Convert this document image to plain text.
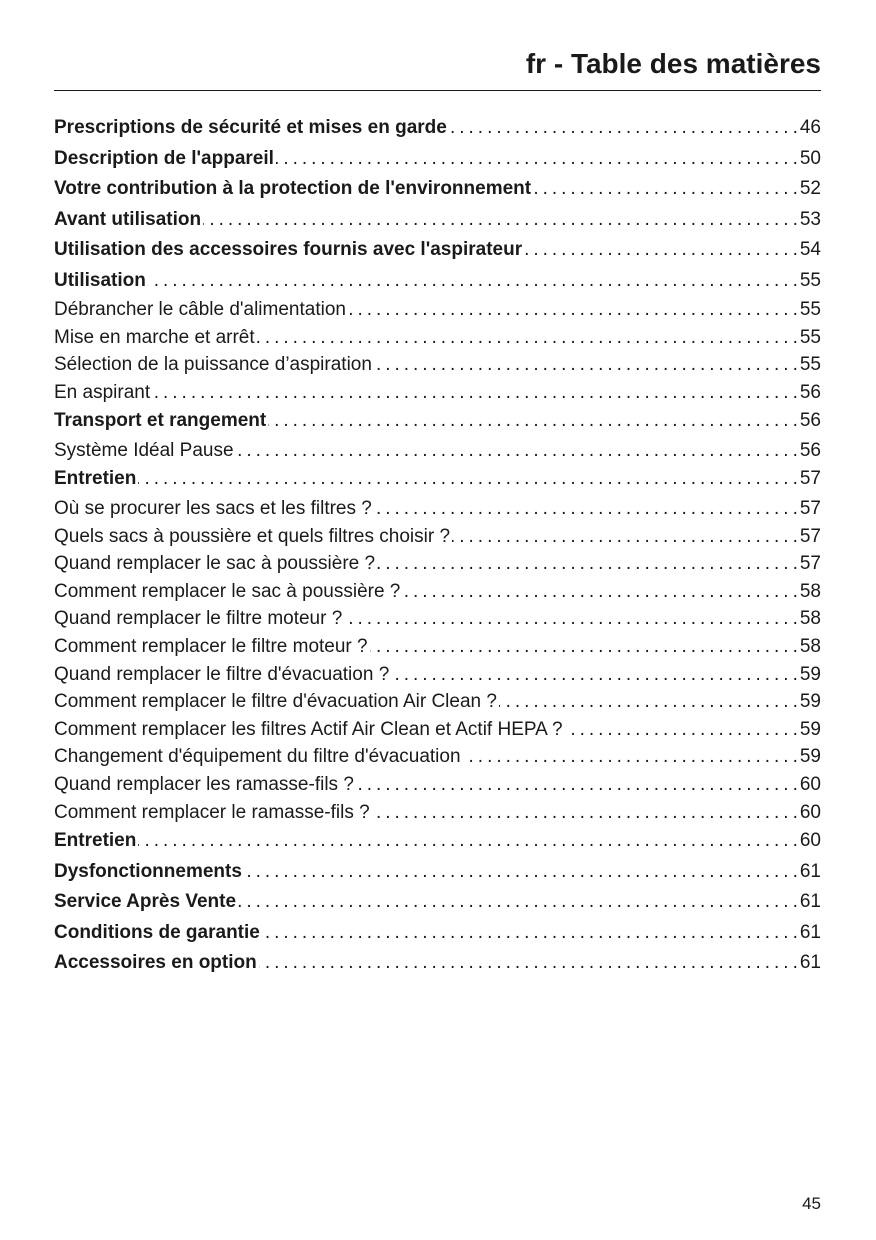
fr - Table des matières
Prescriptions de sécurité et mises en garde . . .	46
Description de l'appareil . . .	50
Votre contribution à la protection de l'environnement . . .	52
Avant utilisation . . .	53
Utilisation des accessoires fournis avec l'aspirateur . . .	54
Utilisation . . .	55
Débrancher le câble d'alimentation . . .	55
Mise en marche et arrêt . . .	55
Sélection de la puissance d’aspiration . . .	55
En aspirant . . .	56
Transport et rangement . . .	56
Système Idéal Pause . . .	56
Entretien . . .	57
Où se procurer les sacs et les filtres ? . . .	57
Quels sacs à poussière et quels filtres choisir ? . . .	57
Quand remplacer le sac à poussière ? . . .	57
Comment remplacer le sac à poussière ? . . .	58
Quand remplacer le filtre moteur ? . . .	58
Comment remplacer le filtre moteur ? . . .	58
Quand remplacer le filtre d'évacuation ? . . .	59
Comment remplacer le filtre d'évacuation Air Clean ? . . .	59
Comment remplacer les filtres Actif Air Clean et Actif HEPA ? . . .	59
Changement d'équipement du filtre d'évacuation . . .	59
Quand remplacer les ramasse-fils ? . . .	60
Comment remplacer le ramasse-fils ? . . .	60
Entretien . . .	60
Dysfonctionnements . . .	61
Service Après Vente . . .	61
Conditions de garantie . . .	61
Accessoires en option . . .	61
45
